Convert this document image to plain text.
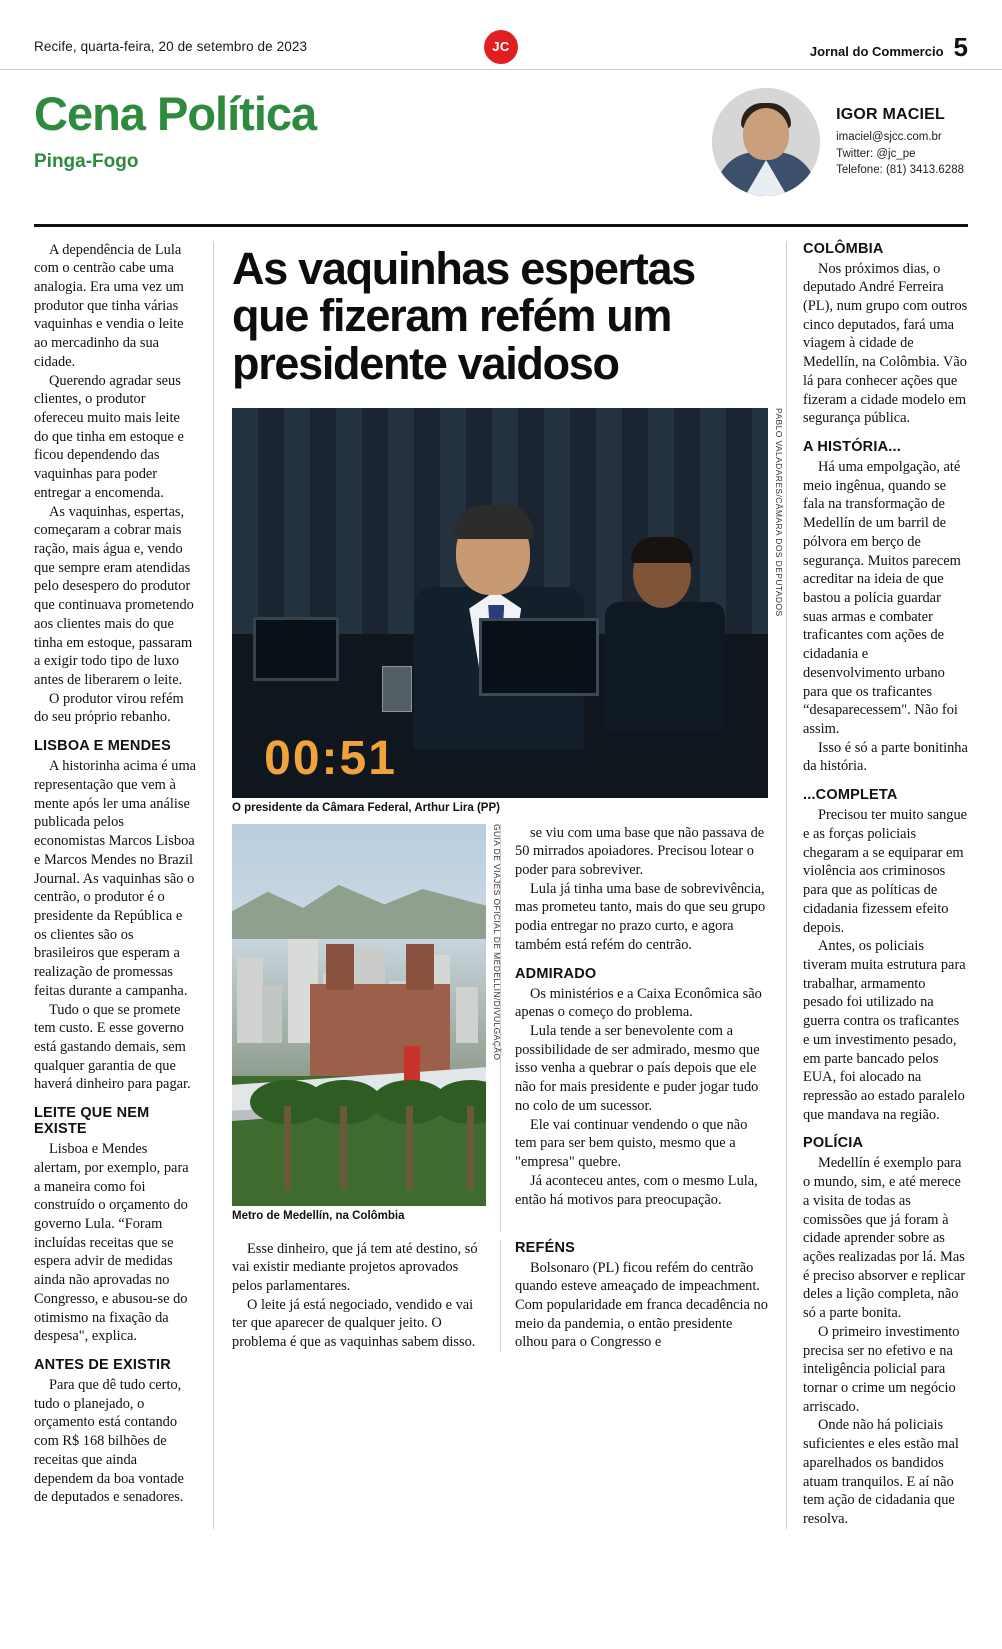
Recife, quarta-feira, 20 de setembro de 2023	JC	Jornal do Commercio 5
Cena Política
Pinga-Fogo
IGOR MACIEL
imaciel@sjcc.com.br
Twitter: @jc_pe
Telefone: (81) 3413.6288

A dependência de Lula com o centrão cabe uma analogia. Era uma vez um produtor que tinha várias vaquinhas e vendia o leite ao mercadinho da sua cidade.

Querendo agradar seus clientes, o produtor ofereceu muito mais leite do que tinha em estoque e ficou dependendo das vaquinhas para poder entregar a encomenda.

As vaquinhas, espertas, começaram a cobrar mais ração, mais água e, vendo que sempre eram atendidas pelo desespero do produtor que continuava prometendo aos clientes mais do que tinha em estoque, passaram a exigir todo tipo de luxo antes de liberarem o leite.

O produtor virou refém do seu próprio rebanho.

LISBOA E MENDES

A historinha acima é uma representação que vem à mente após ler uma análise publicada pelos economistas Marcos Lisboa e Marcos Mendes no Brazil Journal. As vaquinhas são o centrão, o produtor é o presidente da República e os clientes são os brasileiros que esperam a realização de promessas feitas durante a campanha.

Tudo o que se promete tem custo. E esse governo está gastando demais, sem qualquer garantia de que haverá dinheiro para pagar.

LEITE QUE NEM EXISTE

Lisboa e Mendes alertam, por exemplo, para a maneira como foi construído o orçamento do governo Lula. “Foram incluídas receitas que se espera advir de medidas ainda não aprovadas no Congresso, e abusou-se do otimismo na fixação da despesa", explica.

ANTES DE EXISTIR

Para que dê tudo certo, tudo o planejado, o orçamento está contando com R$ 168 bilhões de receitas que ainda dependem da boa vontade de deputados e senadores.

As vaquinhas espertas que fizeram refém um presidente vaidoso
00:51
PABLO VALADARES/CÂMARA DOS DEPUTADOS
O presidente da Câmara Federal, Arthur Lira (PP)
GUIA DE VIAJES OFICIAL DE MEDELLIN/DIVULGAÇÃO
Metro de Medellín, na Colômbia

se viu com uma base que não passava de 50 mirrados apoiadores. Precisou lotear o poder para sobreviver.

Lula já tinha uma base de sobrevivência, mas prometeu tanto, mais do que seu grupo podia entregar no prazo curto, e agora também está refém do centrão.

ADMIRADO

Os ministérios e a Caixa Econômica são apenas o começo do problema.

Lula tende a ser benevolente com a possibilidade de ser admirado, mesmo que isso venha a quebrar o país depois que ele não for mais presidente e puder jogar tudo no colo de um sucessor.

Ele vai continuar vendendo o que não tem para ser bem quisto, mesmo que a "empresa" quebre.

Já aconteceu antes, com o mesmo Lula, então há motivos para preocupação.

Esse dinheiro, que já tem até destino, só vai existir mediante projetos aprovados pelos parlamentares.

O leite já está negociado, vendido e vai ter que aparecer de qualquer jeito. O problema é que as vaquinhas sabem disso.

REFÉNS

Bolsonaro (PL) ficou refém do centrão quando esteve ameaçado de impeachment. Com popularidade em franca decadência no meio da pandemia, o então presidente olhou para o Congresso e

COLÔMBIA

Nos próximos dias, o deputado André Ferreira (PL), num grupo com outros cinco deputados, fará uma viagem à cidade de Medellín, na Colômbia. Vão lá para conhecer ações que fizeram a cidade modelo em segurança pública.

A HISTÓRIA...

Há uma empolgação, até meio ingênua, quando se fala na transformação de Medellín de um barril de pólvora em berço de segurança. Muitos parecem acreditar na ideia de que bastou a polícia guardar suas armas e combater traficantes com ações de cidadania e desenvolvimento urbano para que os traficantes “desaparecessem". Não foi assim.

Isso é só a parte bonitinha da história.

...COMPLETA

Precisou ter muito sangue e as forças policiais chegaram a se equiparar em violência aos criminosos para que as políticas de cidadania fizessem efeito depois.

Antes, os policiais tiveram muita estrutura para trabalhar, armamento pesado foi utilizado na guerra contra os traficantes e um investimento pesado, em parte bancado pelos EUA, foi alocado na repressão ao estado paralelo que mandava na região.

POLÍCIA

Medellín é exemplo para o mundo, sim, e até merece a visita de todas as comissões que já foram à cidade aprender sobre as ações realizadas por lá. Mas é preciso absorver e replicar deles a lição completa, não só a parte bonita.

O primeiro investimento precisa ser no efetivo e na inteligência policial para tornar o crime um negócio arriscado.

Onde não há policiais suficientes e eles estão mal aparelhados os bandidos atuam tranquilos. E aí não tem ação de cidadania que resolva.
